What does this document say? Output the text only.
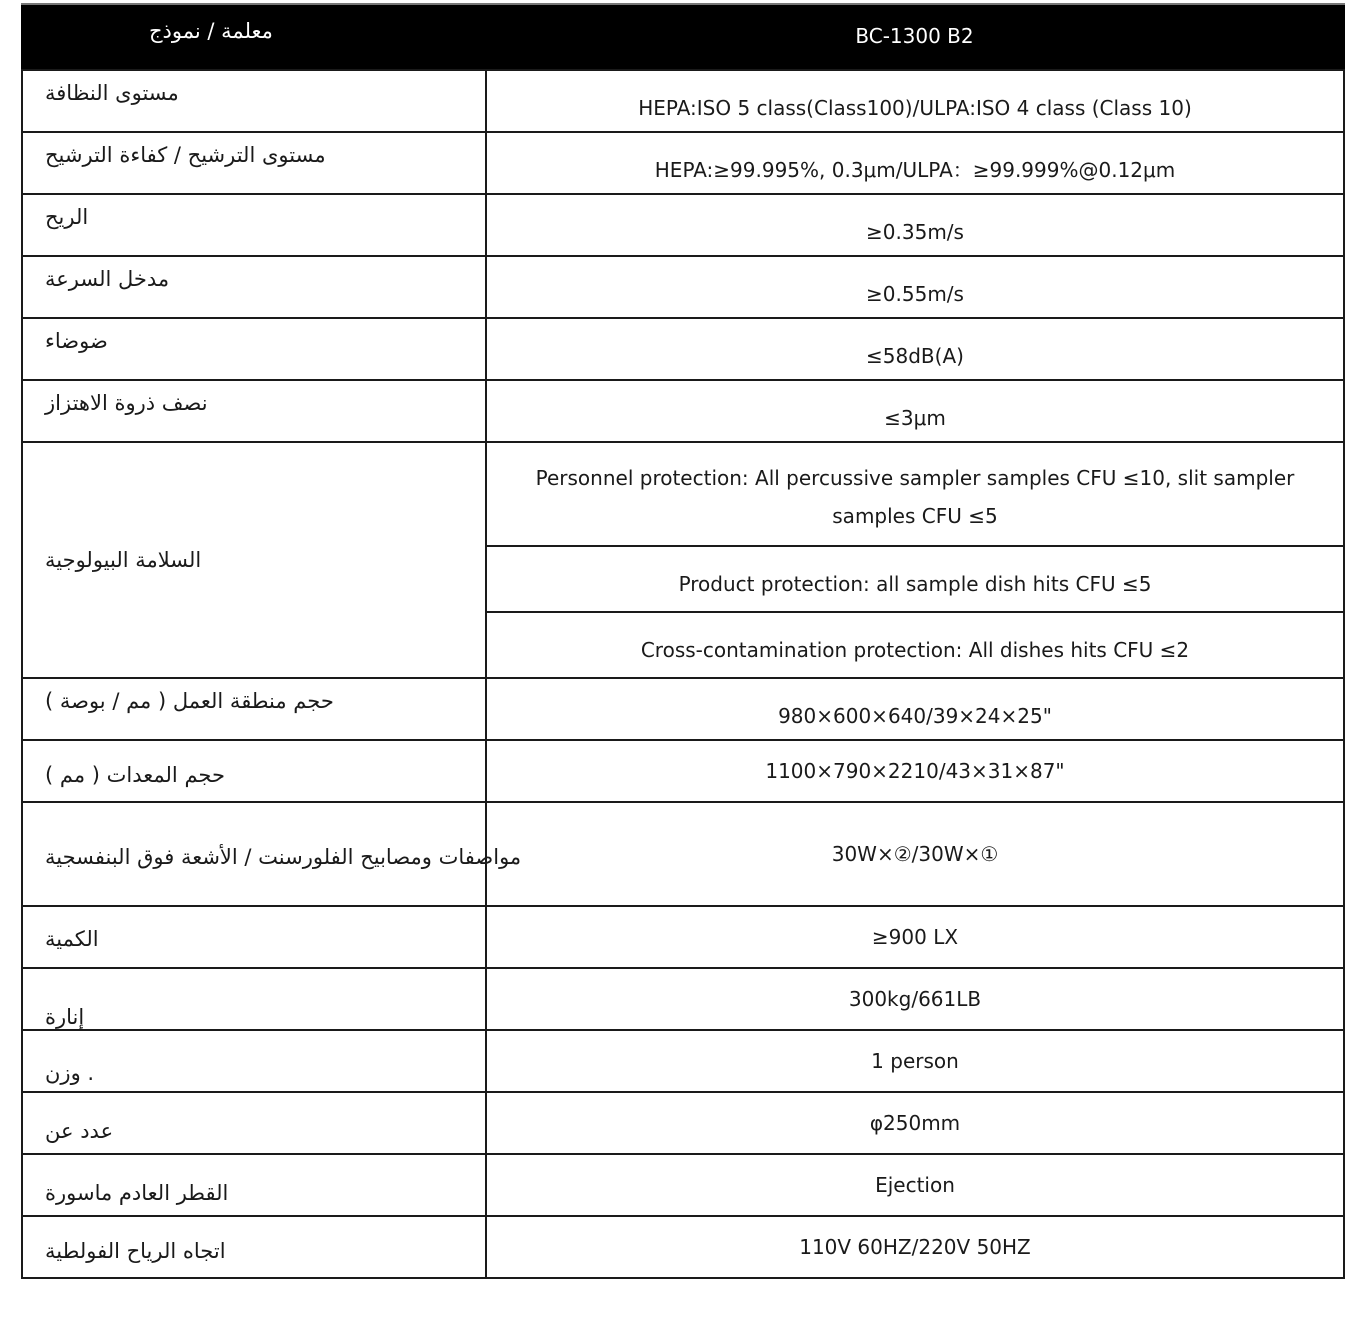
معلمة / نموذج	BC-1300 B2
مستوى النظافة	HEPA:ISO 5 class(Class100)/ULPA:ISO 4 class (Class 10)
مستوى الترشيح / كفاءة الترشيح	HEPA:≥99.995%, 0.3μm/ULPA：≥99.999%@0.12μm
الريح	≥0.35m/s
مدخل السرعة	≥0.55m/s
ضوضاء	≤58dB(A)
نصف ذروة الاهتزاز	≤3μm
السلامة البيولوجية	Personnel protection: All percussive sampler samples CFU ≤10, slit sampler samples CFU ≤5
	Product protection: all sample dish hits CFU ≤5
	Cross-contamination protection: All dishes hits CFU ≤2
حجم منطقة العمل ( مم / بوصة )	980×600×640/39×24×25"
حجم المعدات ( مم )	1100×790×2210/43×31×87"
مواصفات ومصابيح الفلورسنت / الأشعة فوق البنفسجية	30W×②/30W×①
الكمية	≥900 LX
إنارة	300kg/661LB
وزن .	1 person
عدد عن	φ250mm
القطر العادم ماسورة	Ejection
اتجاه الرياح الفولطية	110V 60HZ/220V 50HZ
